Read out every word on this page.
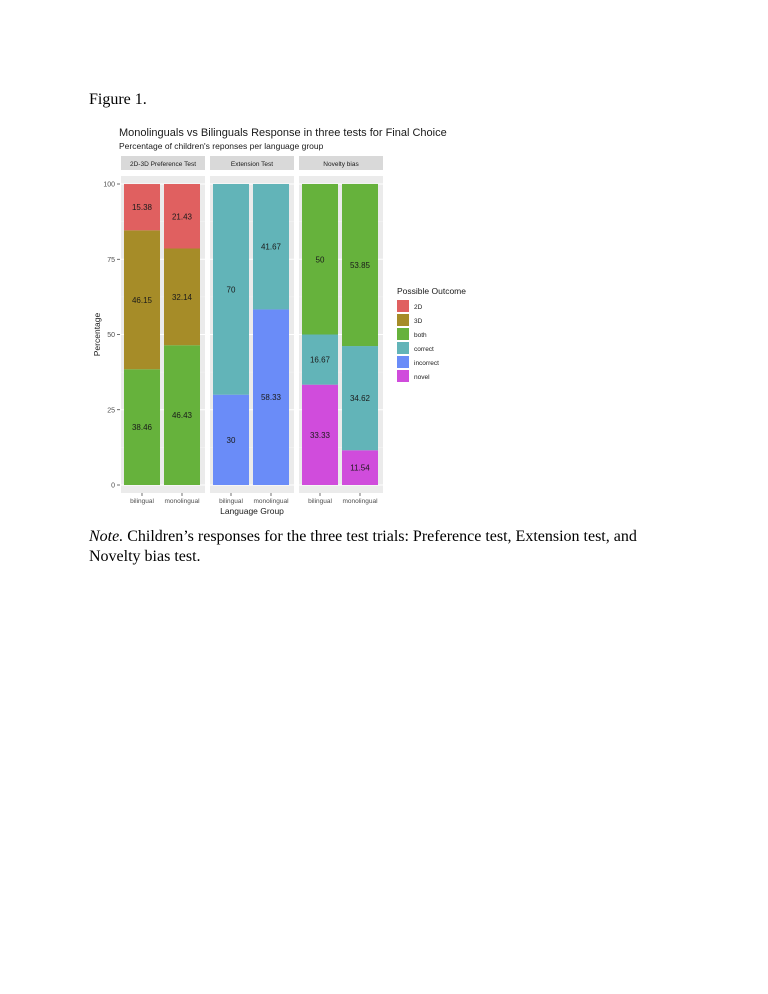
Figure 1.
Monolinguals vs Bilinguals Response in three tests for Final Choice
Percentage of children's reponses per language group
0
25
50
75
100
Percentage
2D-3D Preference Test
38.46
46.15
15.38
bilingual
46.43
32.14
21.43
monolingual
Extension Test
30
70
bilingual
58.33
41.67
monolingual
Novelty bias
33.33
16.67
50
bilingual
11.54
34.62
53.85
monolingual
Language Group
Possible Outcome
2D
3D
both
correct
incorrect
novel
Note. Children’s responses for the three test trials: Preference test, Extension test, and Novelty bias test.
